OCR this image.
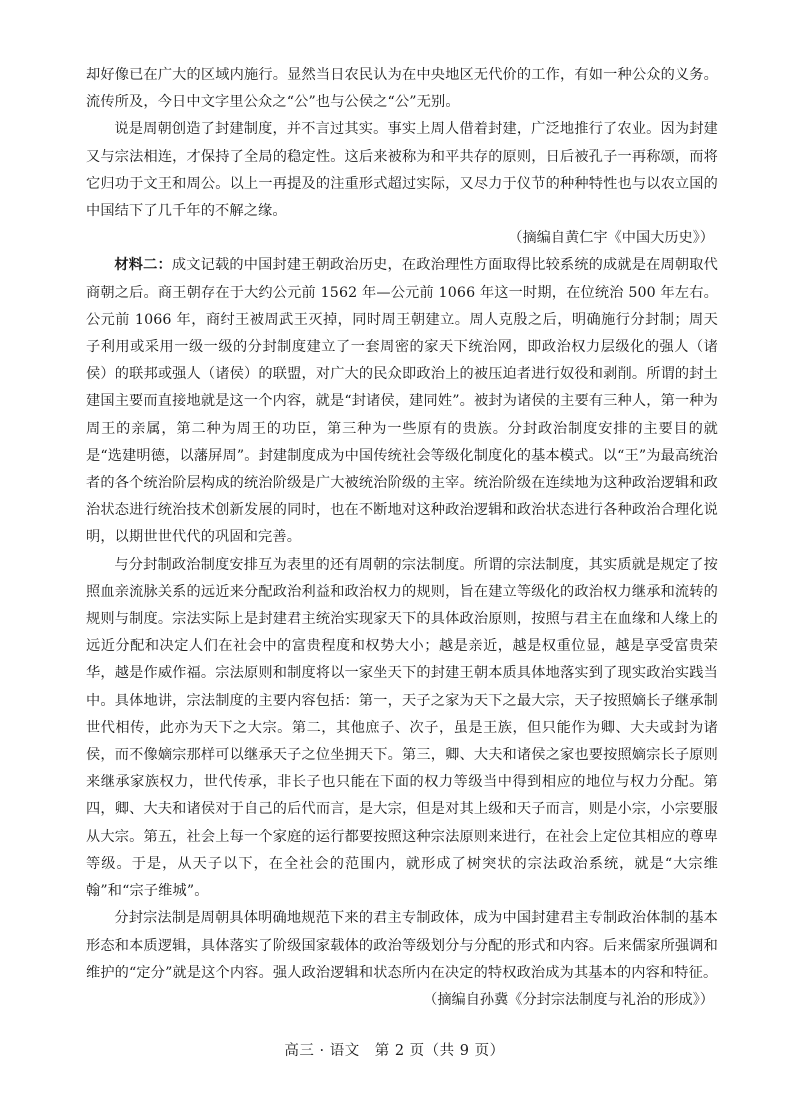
却好像已在广大的区域内施行。显然当日农民认为在中央地区无代价的工作，有如一种公众的义务。流传所及，今日中文字里公众之“公”也与公侯之“公”无别。

说是周朝创造了封建制度，并不言过其实。事实上周人借着封建，广泛地推行了农业。因为封建又与宗法相连，才保持了全局的稳定性。这后来被称为和平共存的原则，日后被孔子一再称颂，而将它归功于文王和周公。以上一再提及的注重形式超过实际，又尽力于仪节的种种特性也与以农立国的中国结下了几千年的不解之缘。

（摘编自黄仁宇《中国大历史》）

材料二：成文记载的中国封建王朝政治历史，在政治理性方面取得比较系统的成就是在周朝取代商朝之后。商王朝存在于大约公元前 1562 年—公元前 1066 年这一时期，在位统治 500 年左右。公元前 1066 年，商纣王被周武王灭掉，同时周王朝建立。周人克殷之后，明确施行分封制；周天子利用或采用一级一级的分封制度建立了一套周密的家天下统治网，即政治权力层级化的强人（诸侯）的联邦或强人（诸侯）的联盟，对广大的民众即政治上的被压迫者进行奴役和剥削。所谓的封土建国主要而直接地就是这一个内容，就是“封诸侯，建同姓”。被封为诸侯的主要有三种人，第一种为周王的亲属，第二种为周王的功臣，第三种为一些原有的贵族。分封政治制度安排的主要目的就是“选建明德，以藩屏周”。封建制度成为中国传统社会等级化制度化的基本模式。以“王”为最高统治者的各个统治阶层构成的统治阶级是广大被统治阶级的主宰。统治阶级在连续地为这种政治逻辑和政治状态进行统治技术创新发展的同时，也在不断地对这种政治逻辑和政治状态进行各种政治合理化说明，以期世世代代的巩固和完善。

与分封制政治制度安排互为表里的还有周朝的宗法制度。所谓的宗法制度，其实质就是规定了按照血亲流脉关系的远近来分配政治利益和政治权力的规则，旨在建立等级化的政治权力继承和流转的规则与制度。宗法实际上是封建君主统治实现家天下的具体政治原则，按照与君主在血缘和人缘上的远近分配和决定人们在社会中的富贵程度和权势大小；越是亲近，越是权重位显，越是享受富贵荣华，越是作威作福。宗法原则和制度将以一家坐天下的封建王朝本质具体地落实到了现实政治实践当中。具体地讲，宗法制度的主要内容包括：第一，天子之家为天下之最大宗，天子按照嫡长子继承制世代相传，此亦为天下之大宗。第二，其他庶子、次子，虽是王族，但只能作为卿、大夫或封为诸侯，而不像嫡宗那样可以继承天子之位坐拥天下。第三，卿、大夫和诸侯之家也要按照嫡宗长子原则来继承家族权力，世代传承，非长子也只能在下面的权力等级当中得到相应的地位与权力分配。第四，卿、大夫和诸侯对于自己的后代而言，是大宗，但是对其上级和天子而言，则是小宗，小宗要服从大宗。第五，社会上每一个家庭的运行都要按照这种宗法原则来进行，在社会上定位其相应的尊卑等级。于是，从天子以下，在全社会的范围内，就形成了树突状的宗法政治系统，就是“大宗维翰”和“宗子维城”。

分封宗法制是周朝具体明确地规范下来的君主专制政体，成为中国封建君主专制政治体制的基本形态和本质逻辑，具体落实了阶级国家载体的政治等级划分与分配的形式和内容。后来儒家所强调和维护的“定分”就是这个内容。强人政治逻辑和状态所内在决定的特权政治成为其基本的内容和特征。

（摘编自孙冀《分封宗法制度与礼治的形成》）

高三 · 语文　第 2 页（共 9 页）
